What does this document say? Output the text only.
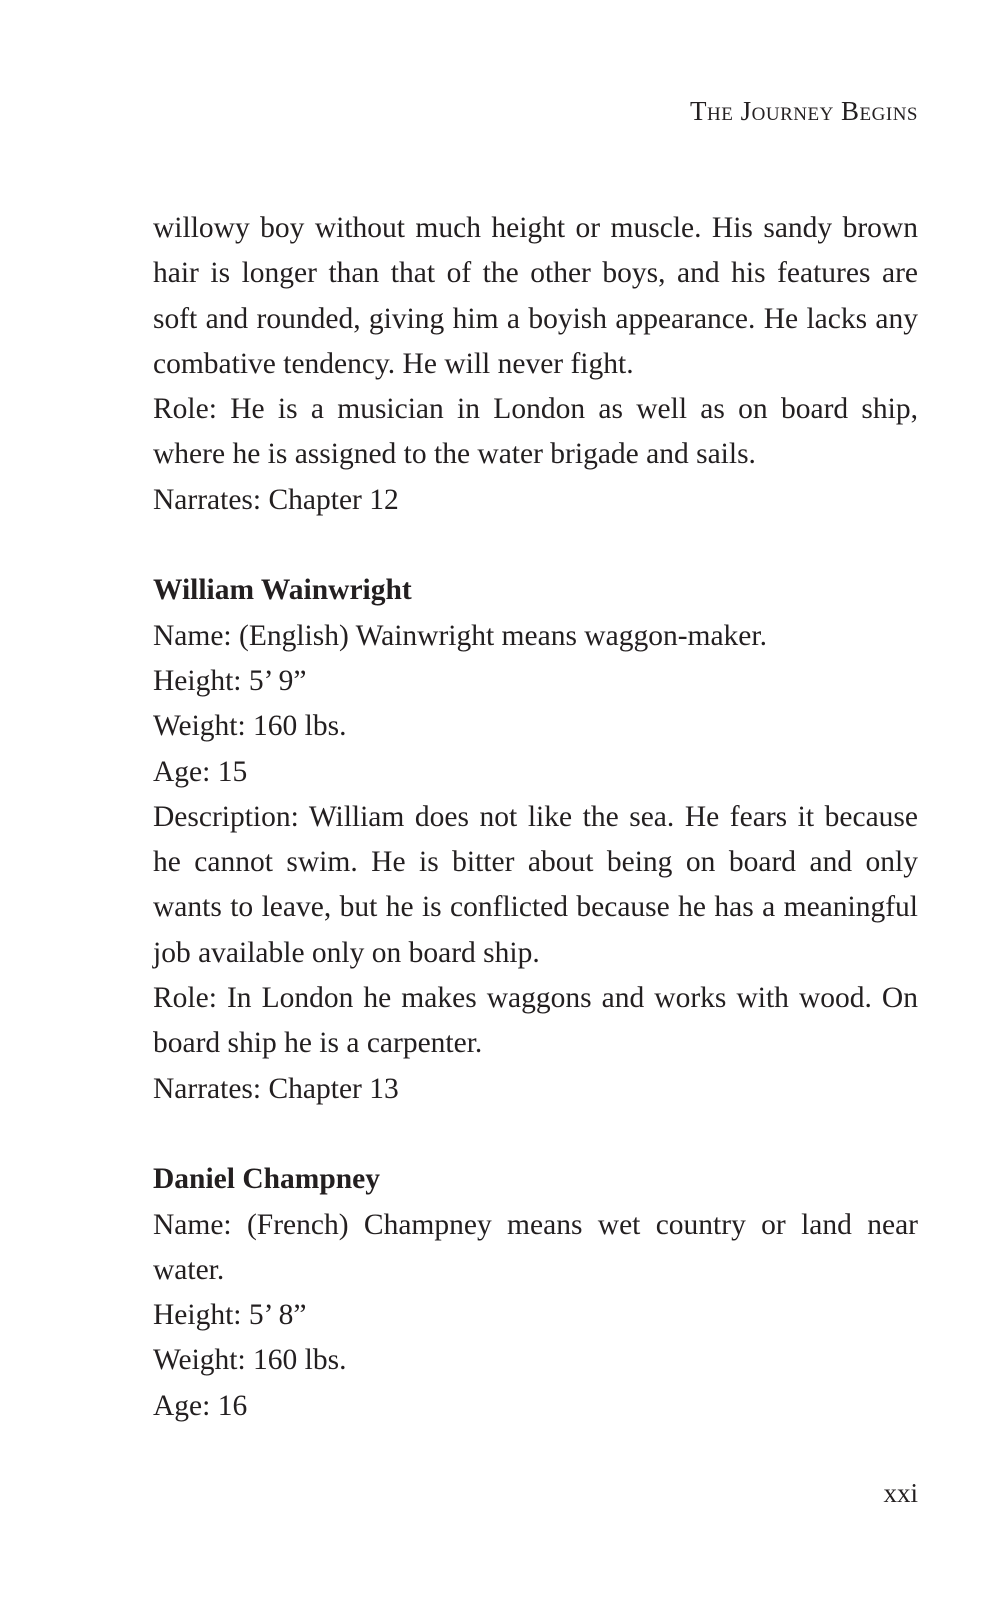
The Journey Begins

willowy boy without much height or muscle. His sandy brown hair is longer than that of the other boys, and his features are soft and rounded, giving him a boyish appearance. He lacks any combative tendency. He will never fight.

Role: He is a musician in London as well as on board ship, where he is assigned to the water brigade and sails.

Narrates: Chapter 12

William Wainwright

Name: (English) Wainwright means waggon-maker.

Height: 5’ 9”

Weight: 160 lbs.

Age: 15

Description: William does not like the sea. He fears it because he cannot swim. He is bitter about being on board and only wants to leave, but he is conflicted because he has a meaningful job available only on board ship.

Role: In London he makes waggons and works with wood. On board ship he is a carpenter.

Narrates: Chapter 13

Daniel Champney

Name: (French) Champney means wet country or land near water.

Height: 5’ 8”

Weight: 160 lbs.

Age: 16

xxi
